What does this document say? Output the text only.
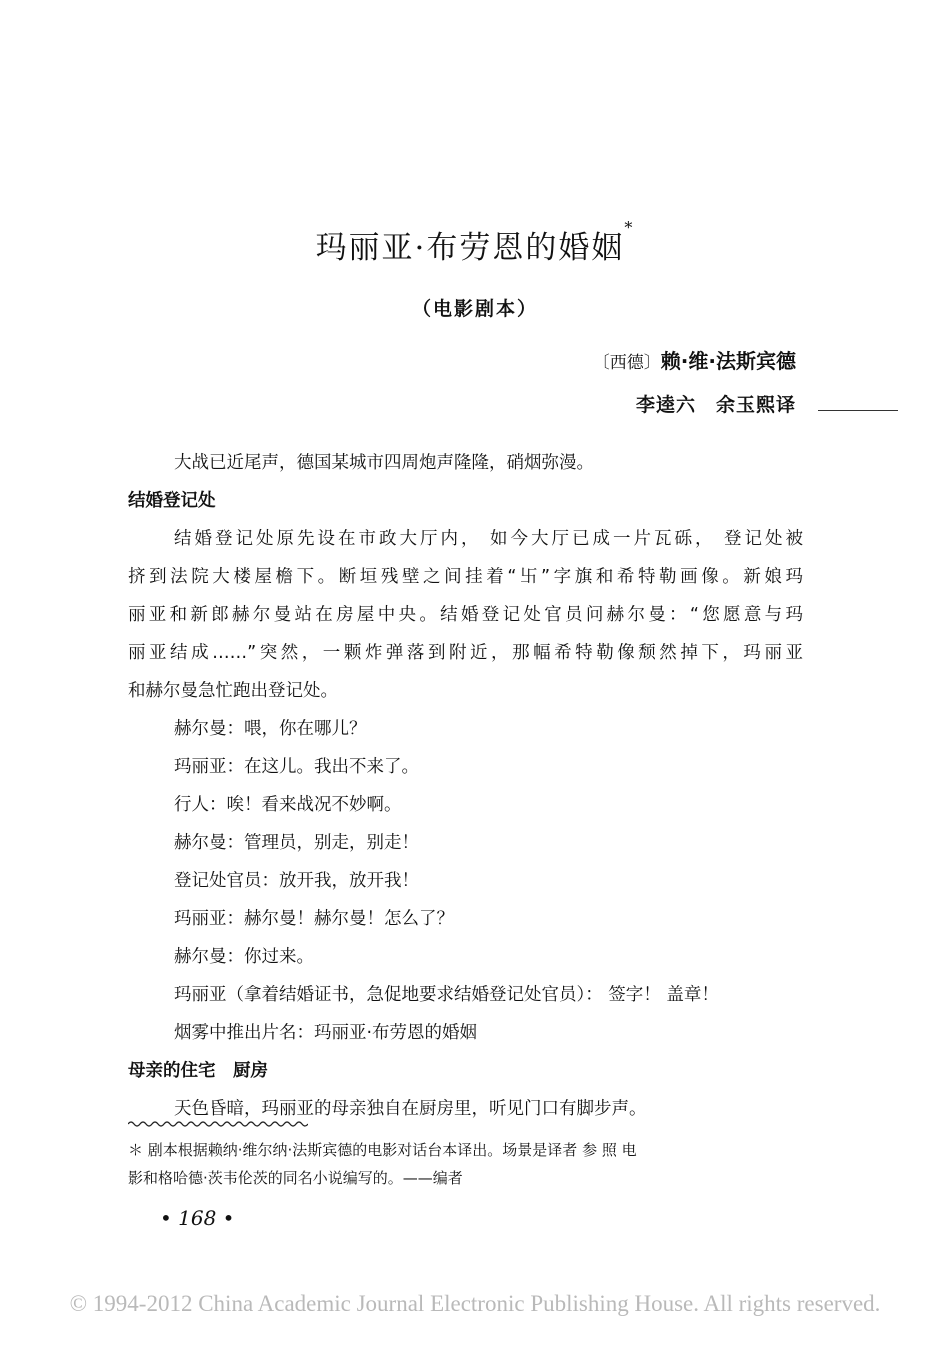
玛丽亚·布劳恩的婚姻*
（电影剧本）
〔西德〕赖·维·法斯宾德
李逵六　余玉熙译
大战已近尾声，德国某城市四周炮声隆隆，硝烟弥漫。
结婚登记处
结婚登记处原先设在市政大厅内， 如今大厅已成一片瓦砾， 登记处被
挤到法院大楼屋檐下。断垣残壁之间挂着“卐”字旗和希特勒画像。新娘玛
丽亚和新郎赫尔曼站在房屋中央。结婚登记处官员问赫尔曼：“您愿意与玛
丽亚结成……”突然，一颗炸弹落到附近，那幅希特勒像颓然掉下，玛丽亚
和赫尔曼急忙跑出登记处。
赫尔曼：喂，你在哪儿？
玛丽亚：在这儿。我出不来了。
行人：唉！看来战况不妙啊。
赫尔曼：管理员，别走，别走！
登记处官员：放开我，放开我！
玛丽亚：赫尔曼！赫尔曼！怎么了？
赫尔曼：你过来。
玛丽亚（拿着结婚证书，急促地要求结婚登记处官员）： 签字！ 盖章！
烟雾中推出片名：玛丽亚·布劳恩的婚姻
母亲的住宅　厨房
天色昏暗，玛丽亚的母亲独自在厨房里，听见门口有脚步声。
＊ 剧本根据赖纳·维尔纳·法斯宾德的电影对话台本译出。场景是译者 参 照 电
影和格哈德·茨韦伦茨的同名小说编写的。——编者
• 168 •
© 1994-2012 China Academic Journal Electronic Publishing House. All rights reserved.
